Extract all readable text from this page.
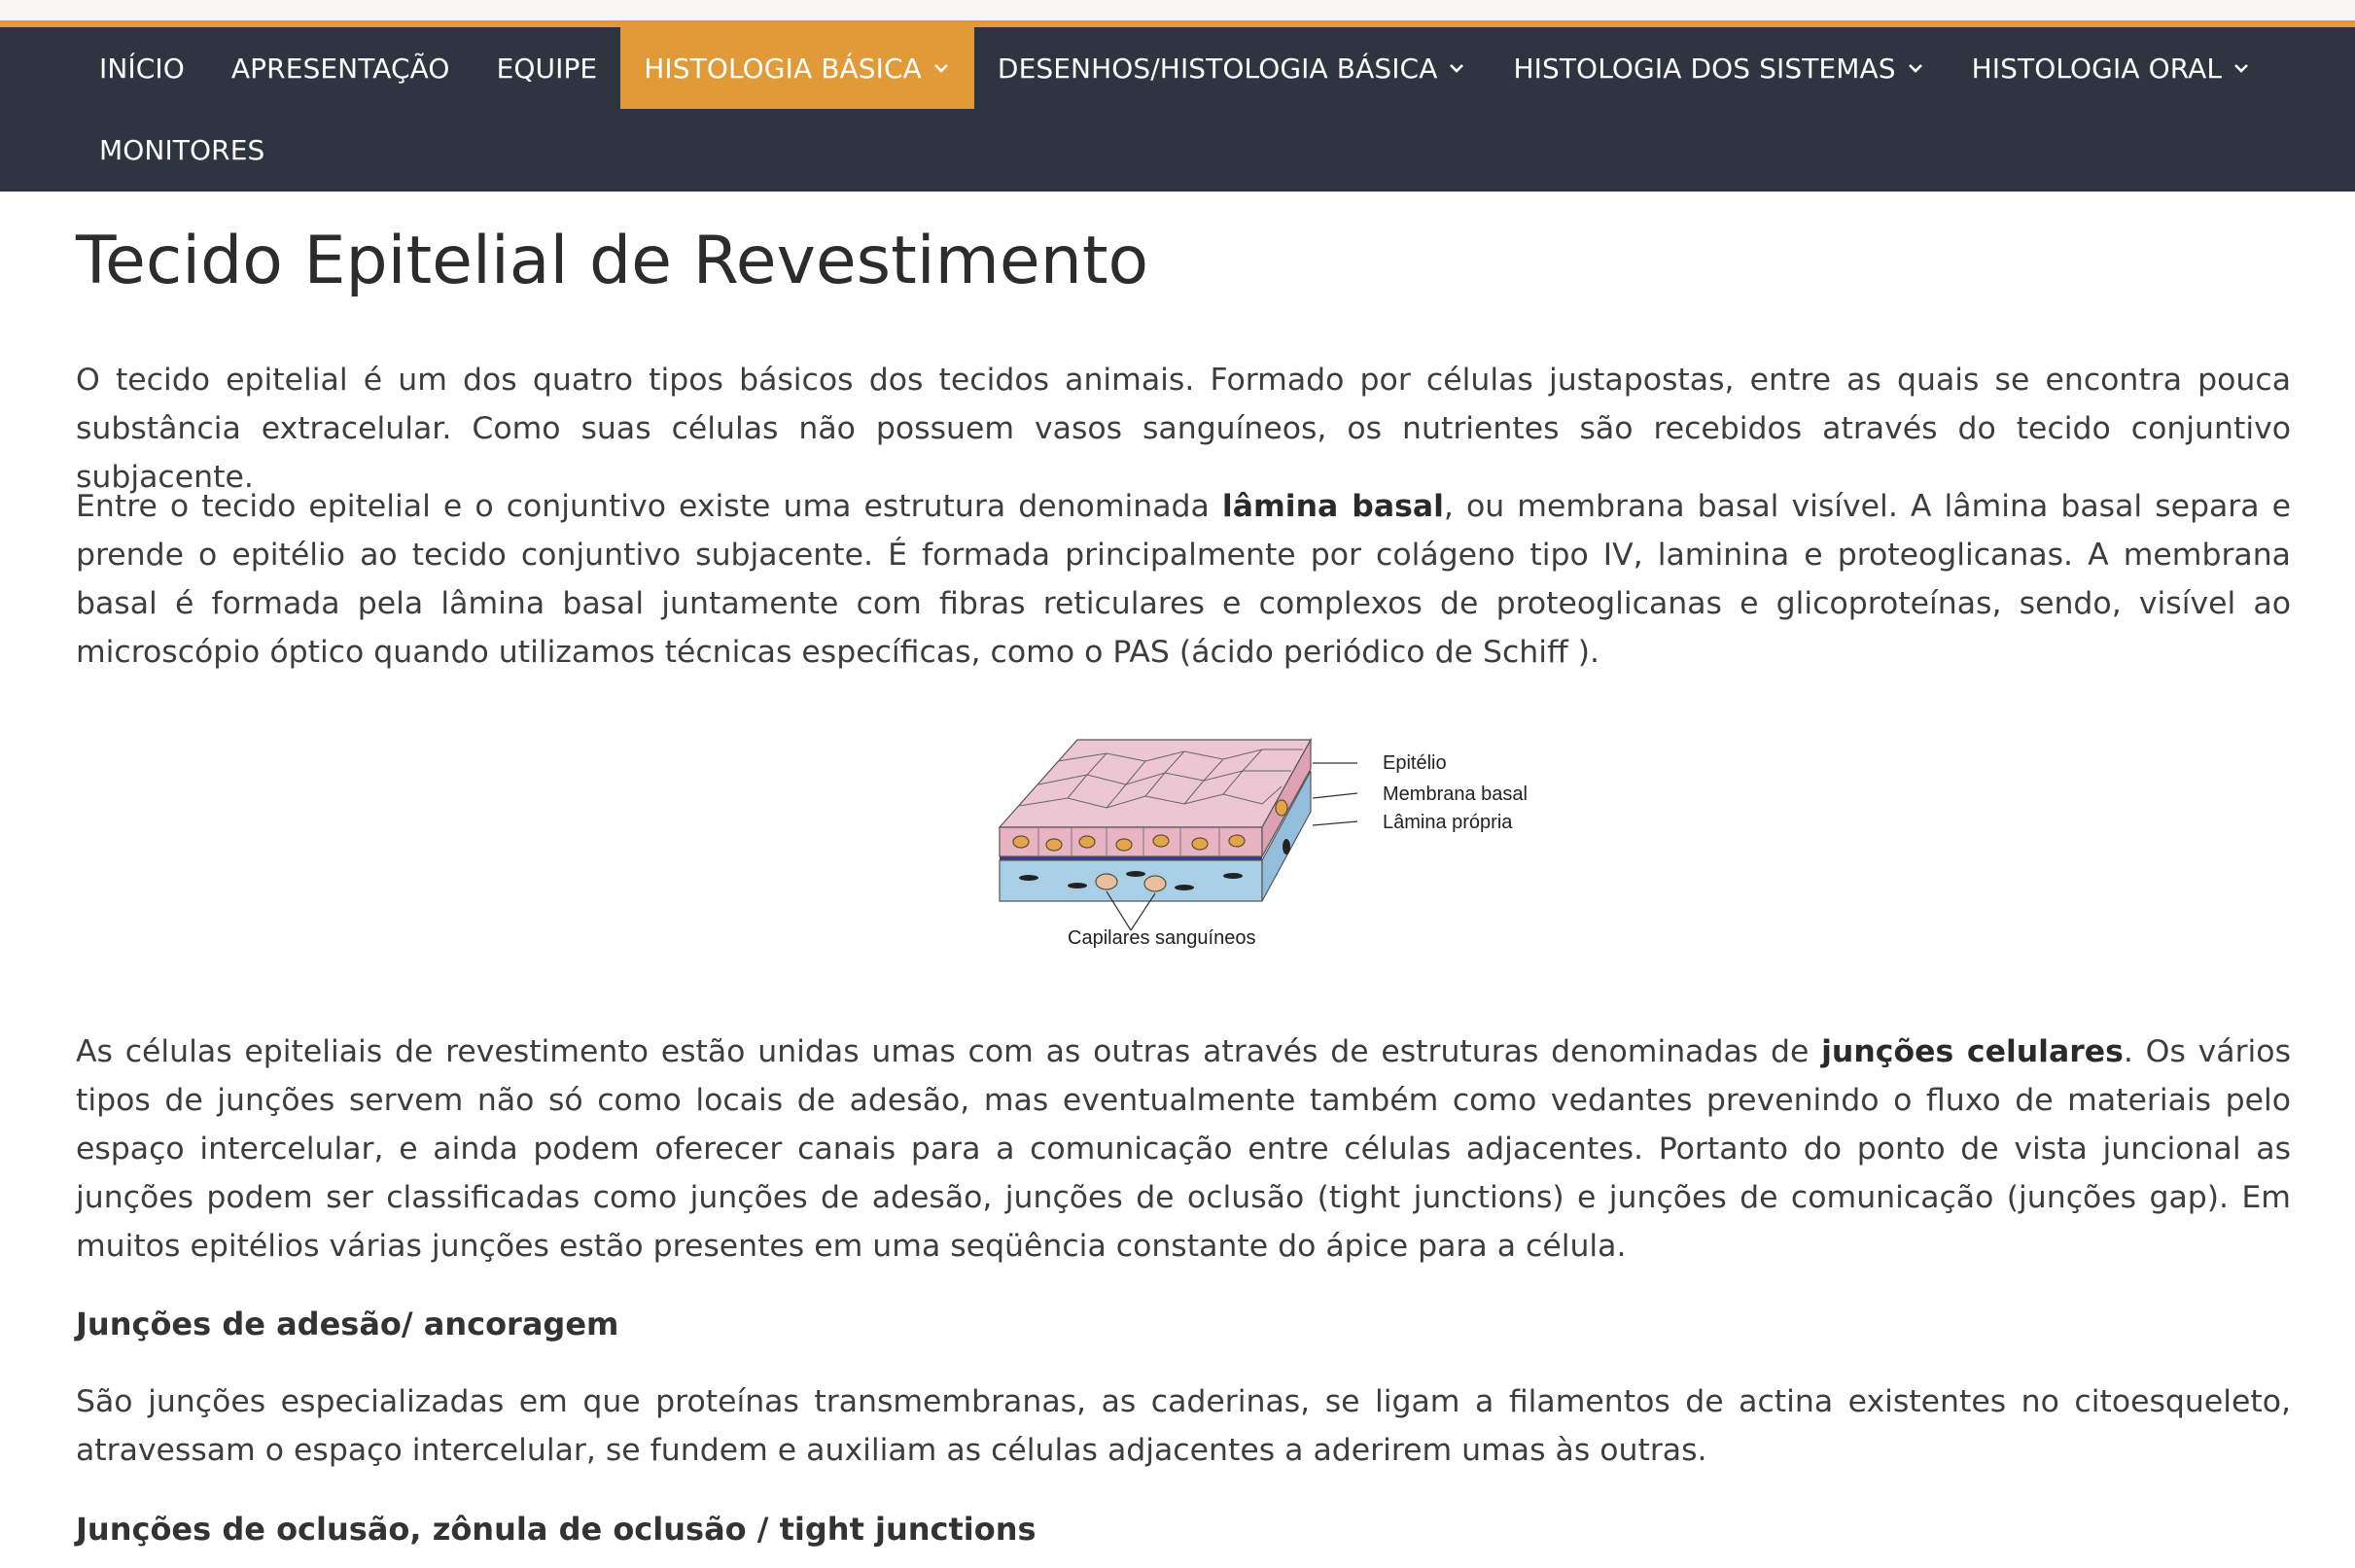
INÍCIO APRESENTAÇÃO EQUIPE HISTOLOGIA BÁSICA	DESENHOS/HISTOLOGIA BÁSICA	HISTOLOGIA DOS SISTEMAS	HISTOLOGIA ORAL
MONITORES
Tecido Epitelial de Revestimento

O tecido epitelial é um dos quatro tipos básicos dos tecidos animais. Formado por células justapostas, entre as quais se encontra pouca substância extracelular. Como suas células não possuem vasos sanguíneos, os nutrientes são recebidos através do tecido conjuntivo subjacente.

Entre o tecido epitelial e o conjuntivo existe uma estrutura denominada lâmina basal, ou membrana basal visível. A lâmina basal separa e prende o epitélio ao tecido conjuntivo subjacente. É formada principalmente por colágeno tipo IV, laminina e proteoglicanas. A membrana basal é formada pela lâmina basal juntamente com fibras reticulares e complexos de proteoglicanas e glicoproteínas, sendo, visível ao microscópio óptico quando utilizamos técnicas específicas, como o PAS (ácido periódico de Schiff ).

Epitélio
Membrana basal
Lâmina própria
Capilares sanguíneos

As células epiteliais de revestimento estão unidas umas com as outras através de estruturas denominadas de junções celulares. Os vários tipos de junções servem não só como locais de adesão, mas eventualmente também como vedantes prevenindo o fluxo de materiais pelo espaço intercelular, e ainda podem oferecer canais para a comunicação entre células adjacentes. Portanto do ponto de vista juncional as junções podem ser classificadas como junções de adesão, junções de oclusão (tight junctions) e junções de comunicação (junções gap). Em muitos epitélios várias junções estão presentes em uma seqüência constante do ápice para a célula.

Junções de adesão/ ancoragem

São junções especializadas em que proteínas transmembranas, as caderinas, se ligam a filamentos de actina existentes no citoesqueleto, atravessam o espaço intercelular, se fundem e auxiliam as células adjacentes a aderirem umas às outras.

Junções de oclusão, zônula de oclusão / tight junctions
